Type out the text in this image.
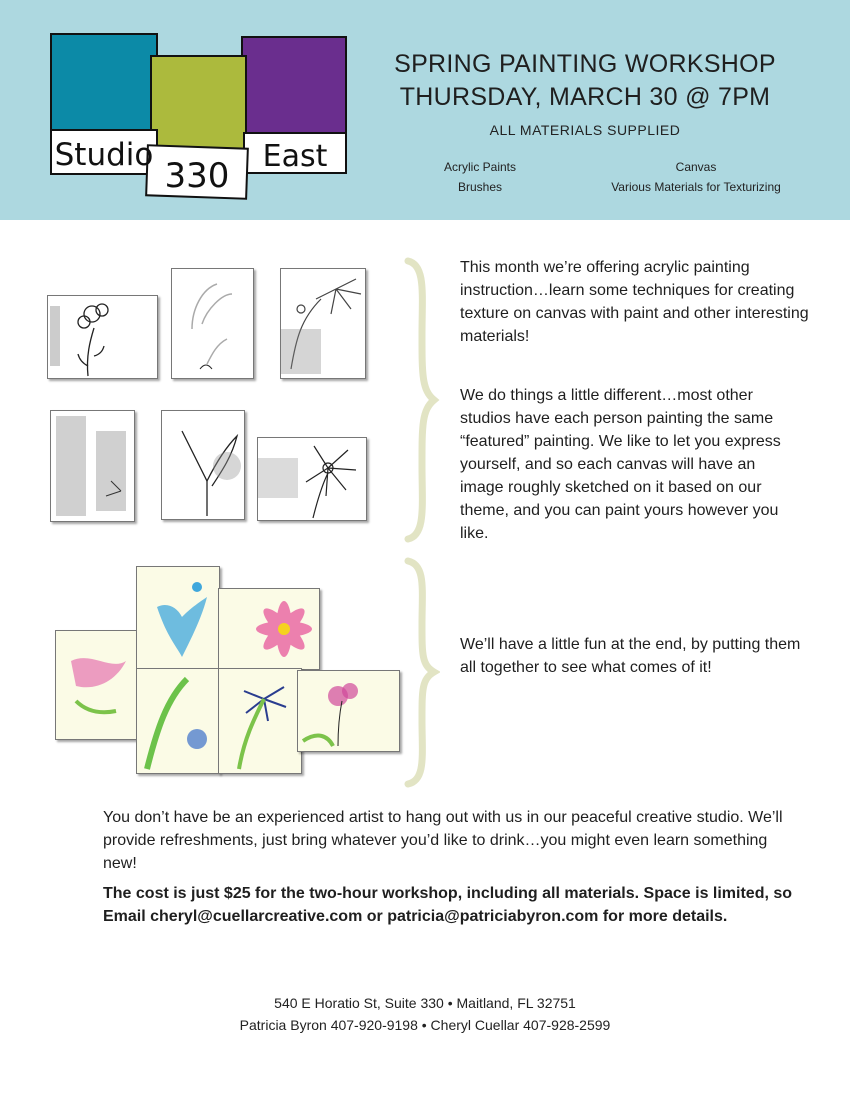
Studio
330 East
SPRING PAINTING WORKSHOP
THURSDAY, MARCH 30 @ 7PM
ALL MATERIALS SUPPLIED
Acrylic Paints
Brushes
Canvas
Various Materials for Texturizing
This month we’re offering acrylic painting instruction…learn some techniques for creating texture on canvas with paint and other interesting materials!
We do things a little different…most other studios have each person painting the same “featured” painting. We like to let you express yourself, and so each canvas will have an image roughly sketched on it based on our theme, and you can paint yours however you like.
We’ll have a little fun at the end, by putting them all together to see what comes of it!
You don’t have be an experienced artist to hang out with us in our peaceful creative studio. We’ll provide refreshments, just bring whatever you’d like to drink…you might even learn something new!
The cost is just $25 for the two-hour workshop, including all materials. Space is limited, so Email cheryl@cuellarcreative.com or patricia@patriciabyron.com for more details.
540 E Horatio St, Suite 330 • Maitland, FL 32751
Patricia Byron 407-920-9198 • Cheryl Cuellar 407-928-2599
